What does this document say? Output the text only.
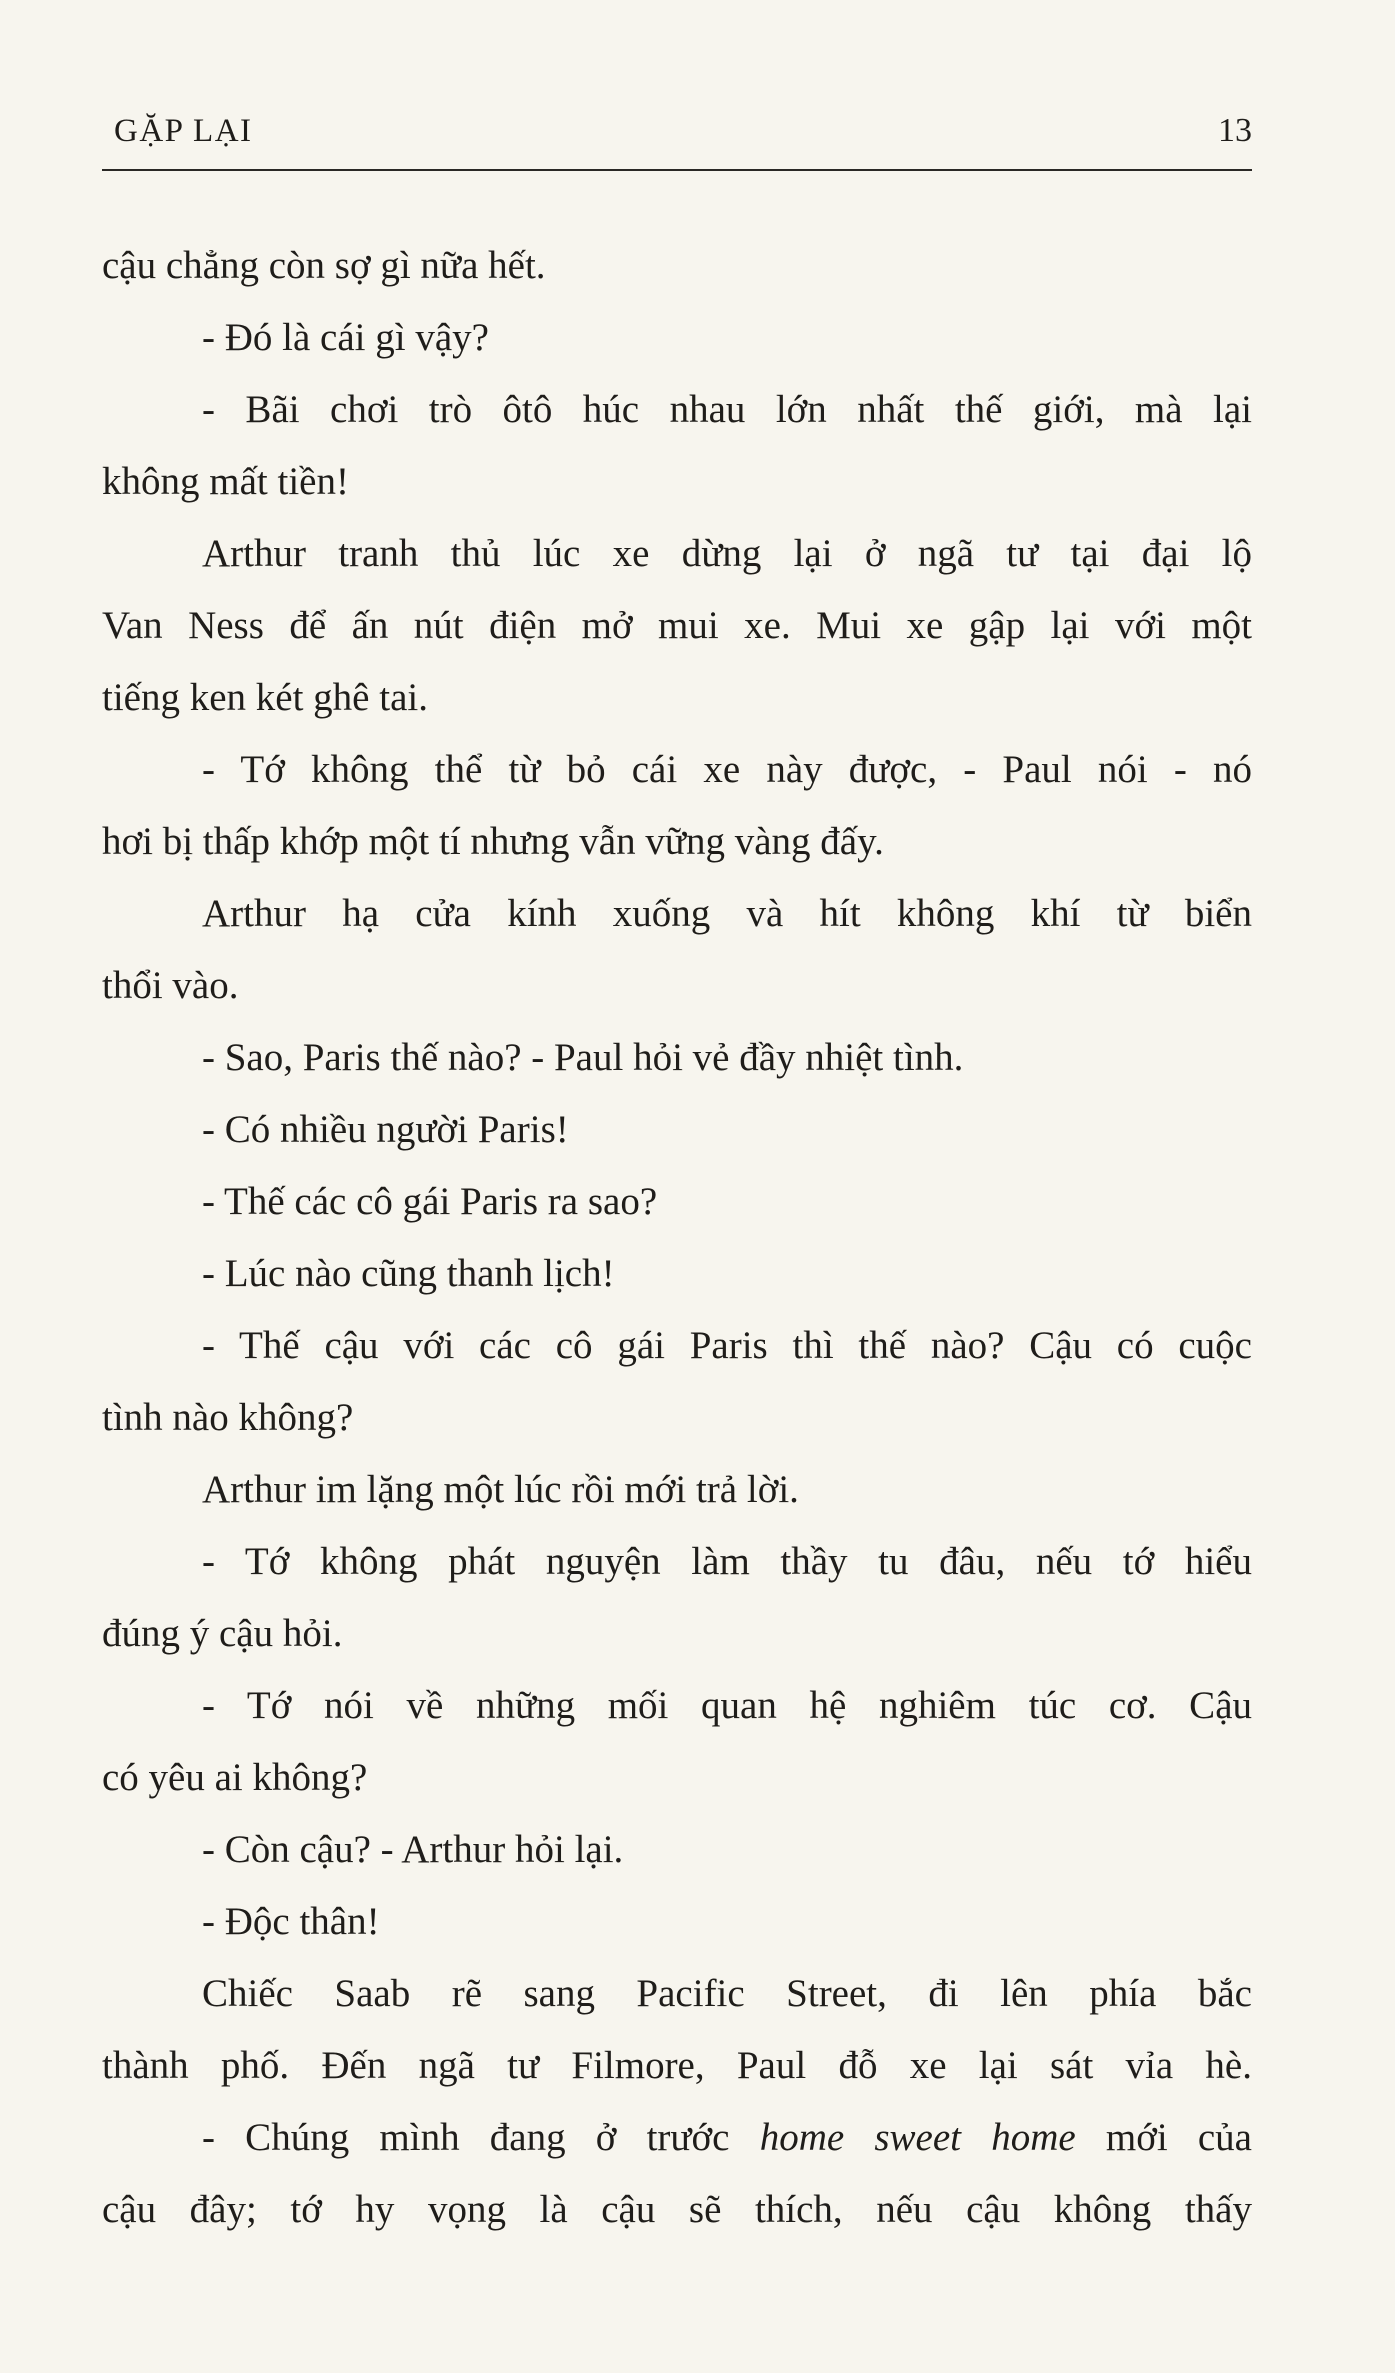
GẶP LẠI	13
cậu chẳng còn sợ gì nữa hết.
- Đó là cái gì vậy?
- Bãi chơi trò ôtô húc nhau lớn nhất thế giới, mà lại
không mất tiền!
Arthur tranh thủ lúc xe dừng lại ở ngã tư tại đại lộ
Van Ness để ấn nút điện mở mui xe. Mui xe gập lại với một
tiếng ken két ghê tai.
- Tớ không thể từ bỏ cái xe này được, - Paul nói - nó
hơi bị thấp khớp một tí nhưng vẫn vững vàng đấy.
Arthur hạ cửa kính xuống và hít không khí từ biển
thổi vào.
- Sao, Paris thế nào? - Paul hỏi vẻ đầy nhiệt tình.
- Có nhiều người Paris!
- Thế các cô gái Paris ra sao?
- Lúc nào cũng thanh lịch!
- Thế cậu với các cô gái Paris thì thế nào? Cậu có cuộc
tình nào không?
Arthur im lặng một lúc rồi mới trả lời.
- Tớ không phát nguyện làm thầy tu đâu, nếu tớ hiểu
đúng ý cậu hỏi.
- Tớ nói về những mối quan hệ nghiêm túc cơ. Cậu
có yêu ai không?
- Còn cậu? - Arthur hỏi lại.
- Độc thân!
Chiếc Saab rẽ sang Pacific Street, đi lên phía bắc
thành phố. Đến ngã tư Filmore, Paul đỗ xe lại sát vỉa hè.
- Chúng mình đang ở trước home sweet home mới của
cậu đây; tớ hy vọng là cậu sẽ thích, nếu cậu không thấy
